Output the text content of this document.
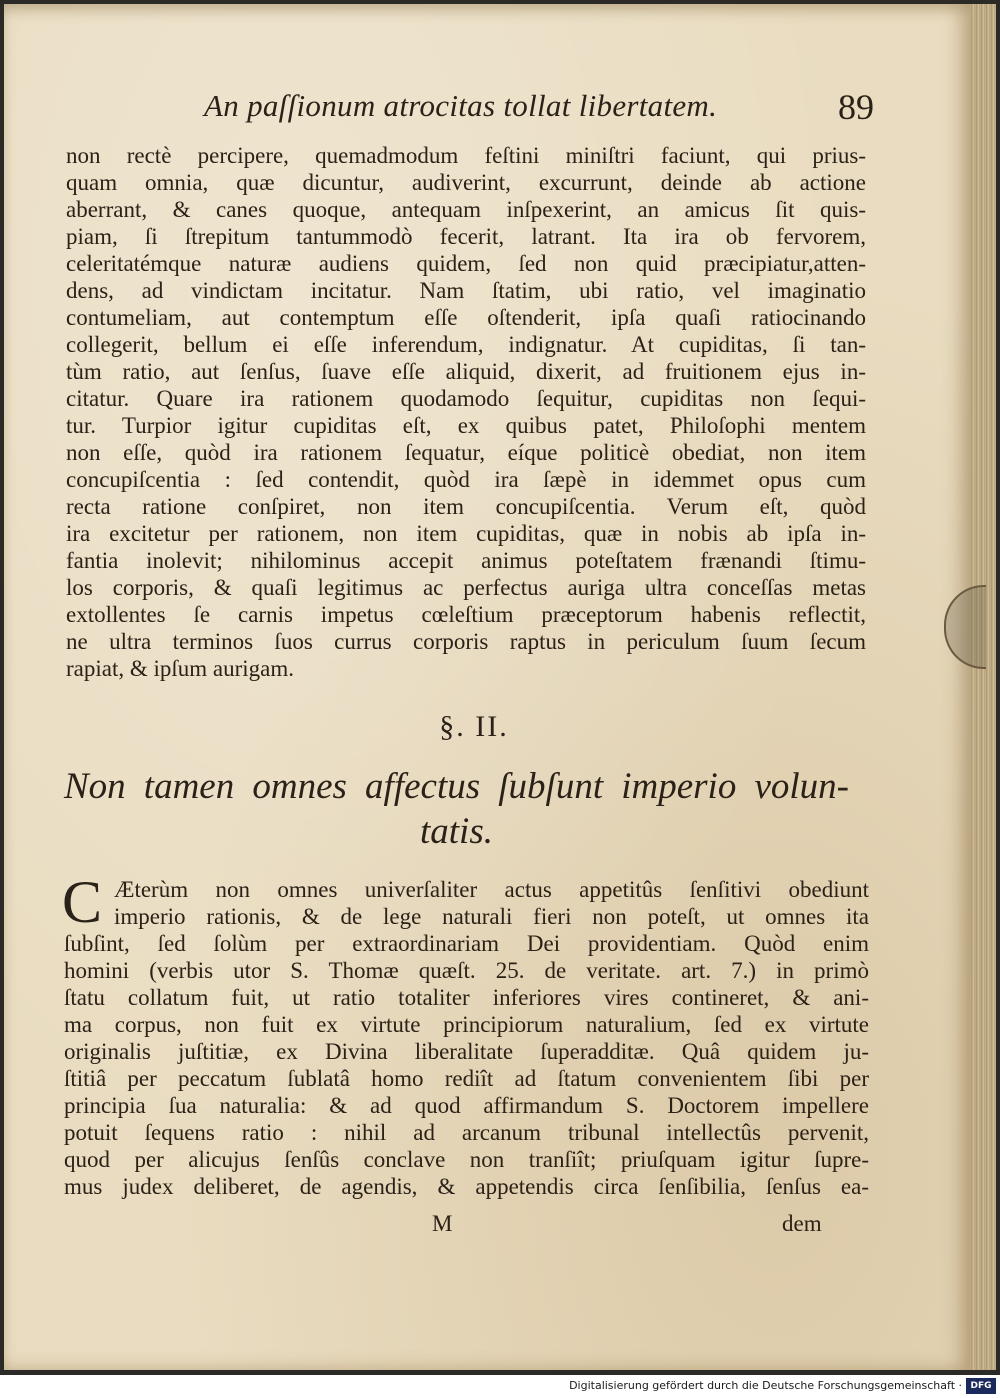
An paſſionum atrocitas tollat libertatem.	89
non rectè percipere, quemadmodum feſtini miniſtri faciunt, qui prius-
quam omnia, quæ dicuntur, audiverint, excurrunt, deinde ab actione
aberrant, & canes quoque, antequam inſpexerint, an amicus ſit quis-
piam, ſi ſtrepitum tantummodò fecerit, latrant. Ita ira ob fervorem,
celeritatémque naturæ audiens quidem, ſed non quid præcipiatur,atten-
dens, ad vindictam incitatur. Nam ſtatim, ubi ratio, vel imaginatio
contumeliam, aut contemptum eſſe oſtenderit, ipſa quaſi ratiocinando
collegerit, bellum ei eſſe inferendum, indignatur. At cupiditas, ſi tan-
tùm ratio, aut ſenſus, ſuave eſſe aliquid, dixerit, ad fruitionem ejus in-
citatur. Quare ira rationem quodamodo ſequitur, cupiditas non ſequi-
tur. Turpior igitur cupiditas eſt, ex quibus patet, Philoſophi mentem
non eſſe, quòd ira rationem ſequatur, eíque politicè obediat, non item
concupiſcentia : ſed contendit, quòd ira ſæpè in idemmet opus cum
recta ratione conſpiret, non item concupiſcentia. Verum eſt, quòd
ira excitetur per rationem, non item cupiditas, quæ in nobis ab ipſa in-
fantia inolevit; nihilominus accepit animus poteſtatem frænandi ſtimu-
los corporis, & quaſi legitimus ac perfectus auriga ultra conceſſas metas
extollentes ſe carnis impetus cœleſtium præceptorum habenis reflectit,
ne ultra terminos ſuos currus corporis raptus in periculum ſuum ſecum
rapiat, & ipſum aurigam.
§. II.
Non tamen omnes affectus ſubſunt imperio volun-
tatis.
C Æterùm non omnes univerſaliter actus appetitûs ſenſitivi obediunt
imperio rationis, & de lege naturali fieri non poteſt, ut omnes ita
ſubſint, ſed ſolùm per extraordinariam Dei providentiam. Quòd enim
homini (verbis utor S. Thomæ quæſt. 25. de veritate. art. 7.) in primò
ſtatu collatum fuit, ut ratio totaliter inferiores vires contineret, & ani-
ma corpus, non fuit ex virtute principiorum naturalium, ſed ex virtute
originalis juſtitiæ, ex Divina liberalitate ſuperadditæ. Quâ quidem ju-
ſtitiâ per peccatum ſublatâ homo rediît ad ſtatum convenientem ſibi per
principia ſua naturalia: & ad quod affirmandum S. Doctorem impellere
potuit ſequens ratio : nihil ad arcanum tribunal intellectûs pervenit,
quod per alicujus ſenſûs conclave non tranſiît; priuſquam igitur ſupre-
mus judex deliberet, de agendis, & appetendis circa ſenſibilia, ſenſus ea-
M	dem
Digitalisierung gefördert durch die Deutsche Forschungsgemeinschaft · DFG
